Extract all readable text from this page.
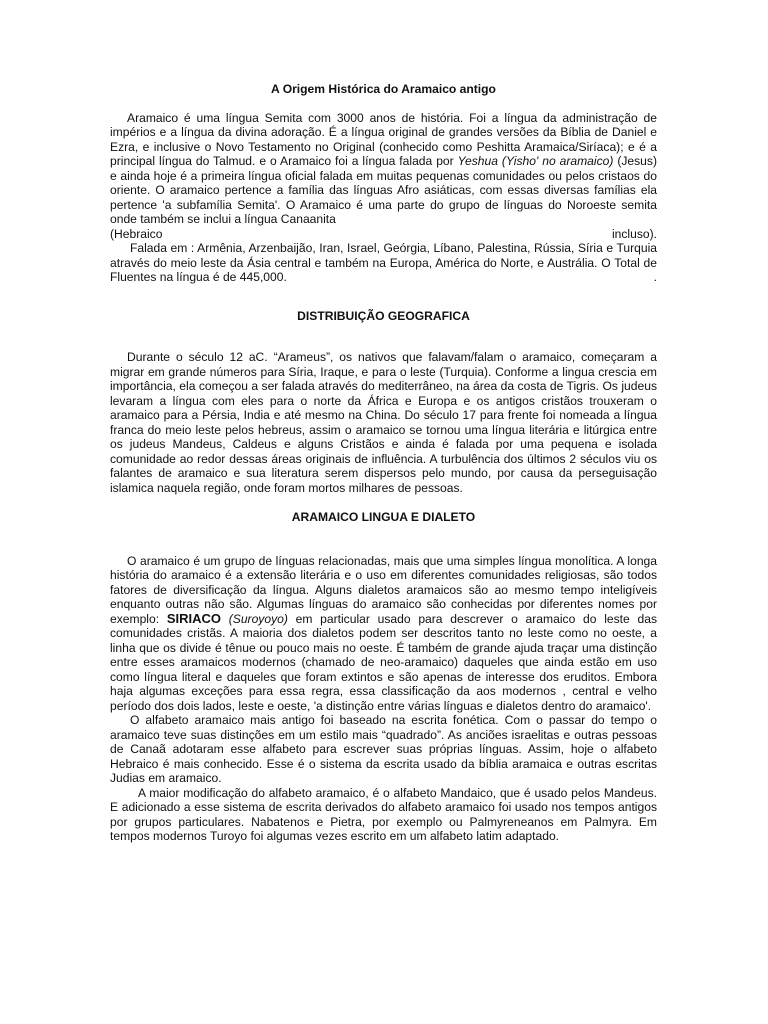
A Origem Histórica do Aramaico antigo

Aramaico é uma língua Semita com 3000 anos de história. Foi a língua da administração de impérios e a língua da divina adoração. É a língua original de grandes versões da Bíblia de Daniel e Ezra, e inclusive o Novo Testamento no Original (conhecido como Peshitta Aramaica/Siríaca); e é a principal língua do Talmud. e o Aramaico foi a língua falada por Yeshua (Yisho' no aramaico) (Jesus) e ainda hoje é a primeira língua oficial falada em muitas pequenas comunidades ou pelos cristaos do oriente. O aramaico pertence a família das línguas Afro asiáticas, com essas diversas famílias ela pertence 'a subfamília Semita'. O Aramaico é uma parte do grupo de línguas do Noroeste semita onde também se inclui a língua Canaanita

(Hebraico	incluso).

Falada em : Armênia, Arzenbaijão, Iran, Israel, Geórgia, Líbano, Palestina, Rússia, Síria e Turquia através do meio leste da Ásia central e também na Europa, América do Norte, e Austrália. O Total de Fluentes na língua é de 445,000.	.

DISTRIBUIÇÃO GEOGRAFICA

Durante o século 12 aC. “Arameus”, os nativos que falavam/falam o aramaico, começaram a migrar em grande números para Síria, Iraque, e para o leste (Turquia). Conforme a lingua crescia em importância, ela começou a ser falada através do mediterrâneo, na área da costa de Tigris. Os judeus levaram a língua com eles para o norte da África e Europa e os antigos cristãos trouxeram o aramaico para a Pérsia, India e até mesmo na China. Do século 17 para frente foi nomeada a língua franca do meio leste pelos hebreus, assim o aramaico se tornou uma língua literária e litúrgica entre os judeus Mandeus, Caldeus e alguns Cristãos e ainda é falada por uma pequena e isolada comunidade ao redor dessas áreas originais de influência. A turbulência dos últimos 2 séculos viu os falantes de aramaico e sua literatura serem dispersos pelo mundo, por causa da perseguisação islamica naquela região, onde foram mortos milhares de pessoas.

ARAMAICO LINGUA E DIALETO

O aramaico é um grupo de línguas relacionadas, mais que uma simples língua monolítica. A longa história do aramaico é a extensão literária e o uso em diferentes comunidades religiosas, são todos fatores de diversificação da língua. Alguns dialetos aramaicos são ao mesmo tempo inteligíveis enquanto outras não são. Algumas línguas do aramaico são conhecidas por diferentes nomes por exemplo: SIRIACO (Suroyoyo) em particular usado para descrever o aramaico do leste das comunidades cristãs. A maioria dos dialetos podem ser descritos tanto no leste como no oeste, a linha que os divide é tênue ou pouco mais no oeste. É também de grande ajuda traçar uma distinção entre esses aramaicos modernos (chamado de neo-aramaico) daqueles que ainda estão em uso como língua literal e daqueles que foram extintos e são apenas de interesse dos eruditos. Embora haja algumas exceções para essa regra, essa classificação da aos modernos , central e velho período dos dois lados, leste e oeste, 'a distinção entre várias línguas e dialetos dentro do aramaico'.

O alfabeto aramaico mais antigo foi baseado na escrita fonética. Com o passar do tempo o aramaico teve suas distinções em um estilo mais “quadrado”. As anciões israelitas e outras pessoas de Canaã adotaram esse alfabeto para escrever suas próprias línguas. Assim, hoje o alfabeto Hebraico é mais conhecido. Esse é o sistema da escrita usado da bíblia aramaica e outras escritas Judias em aramaico.

A maior modificação do alfabeto aramaico, é o alfabeto Mandaico, que é usado pelos Mandeus. E adicionado a esse sistema de escrita derivados do alfabeto aramaico foi usado nos tempos antigos por grupos particulares. Nabatenos e Pietra, por exemplo ou Palmyreneanos em Palmyra. Em tempos modernos Turoyo foi algumas vezes escrito em um alfabeto latim adaptado.
